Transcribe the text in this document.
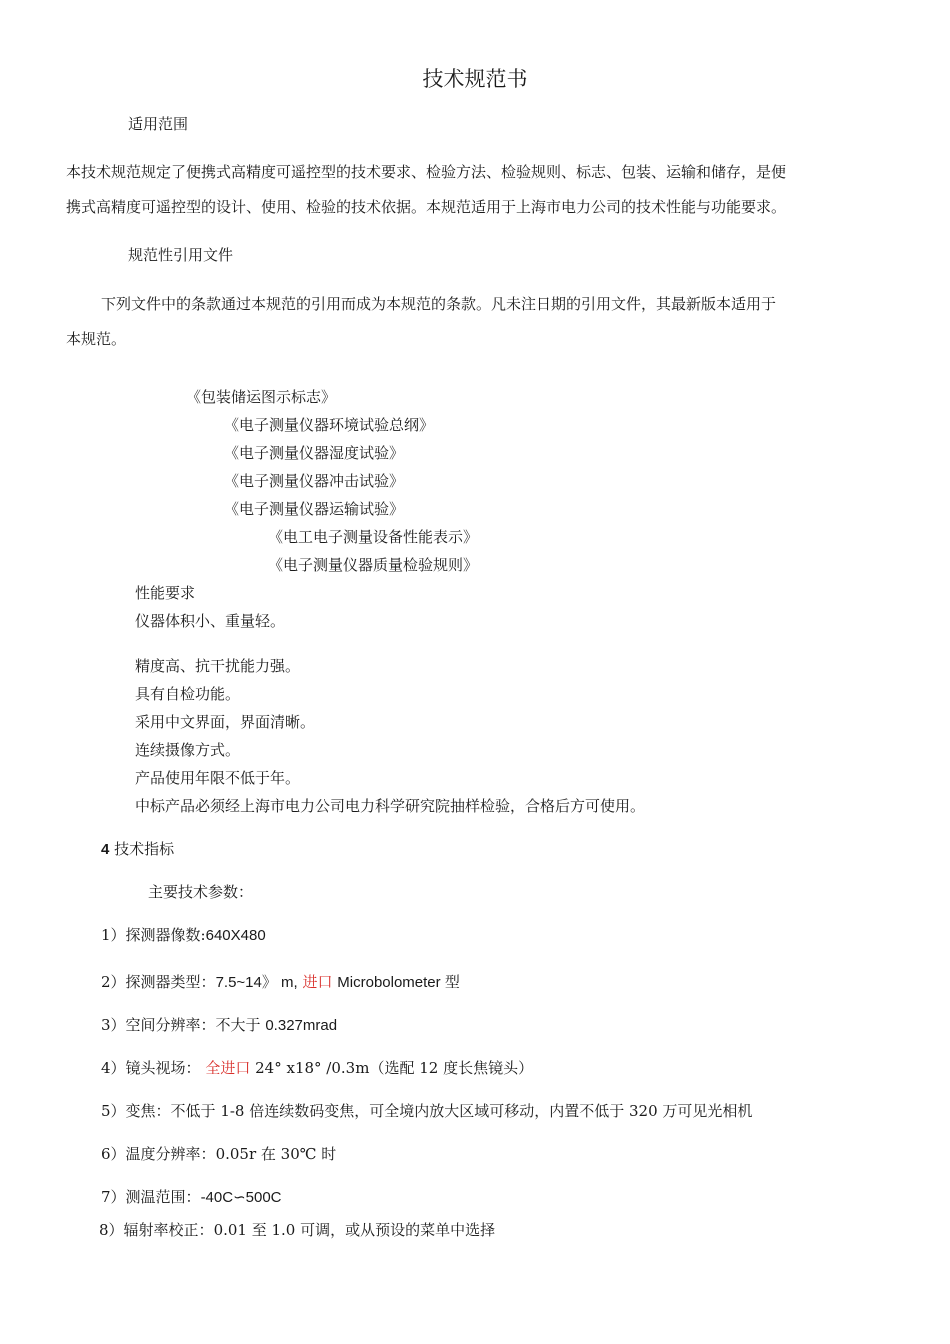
技术规范书
适用范围
本技术规范规定了便携式高精度可遥控型的技术要求、检验方法、检验规则、标志、包装、运输和储存，是便
携式高精度可遥控型的设计、使用、检验的技术依据。本规范适用于上海市电力公司的技术性能与功能要求。
规范性引用文件
下列文件中的条款通过本规范的引用而成为本规范的条款。凡未注日期的引用文件，其最新版本适用于
本规范。
《包装储运图示标志》
《电子测量仪器环境试验总纲》
《电子测量仪器湿度试验》
《电子测量仪器冲击试验》
《电子测量仪器运输试验》
《电工电子测量设备性能表示》
《电子测量仪器质量检验规则》
性能要求
仪器体积小、重量轻。
精度高、抗干扰能力强。
具有自检功能。
采用中文界面，界面清晰。
连续摄像方式。
产品使用年限不低于年。
中标产品必须经上海市电力公司电力科学研究院抽样检验，合格后方可使用。
4 技术指标
主要技术参数：
1）探测器像数:640X480
2）探测器类型：7.5~14》 m, 进口 Microbolometer 型
3）空间分辨率：不大于 0.327mrad
4）镜头视场： 全进口 24° x18° /0.3m（选配 12 度长焦镜头）
5）变焦：不低于 1-8 倍连续数码变焦，可全境内放大区域可移动，内置不低于 320 万可见光相机
6）温度分辨率：0.05r 在 30℃ 时
7）测温范围：-40C∽500C
8）辐射率校正：0.01 至 1.0 可调，或从预设的菜单中选择
